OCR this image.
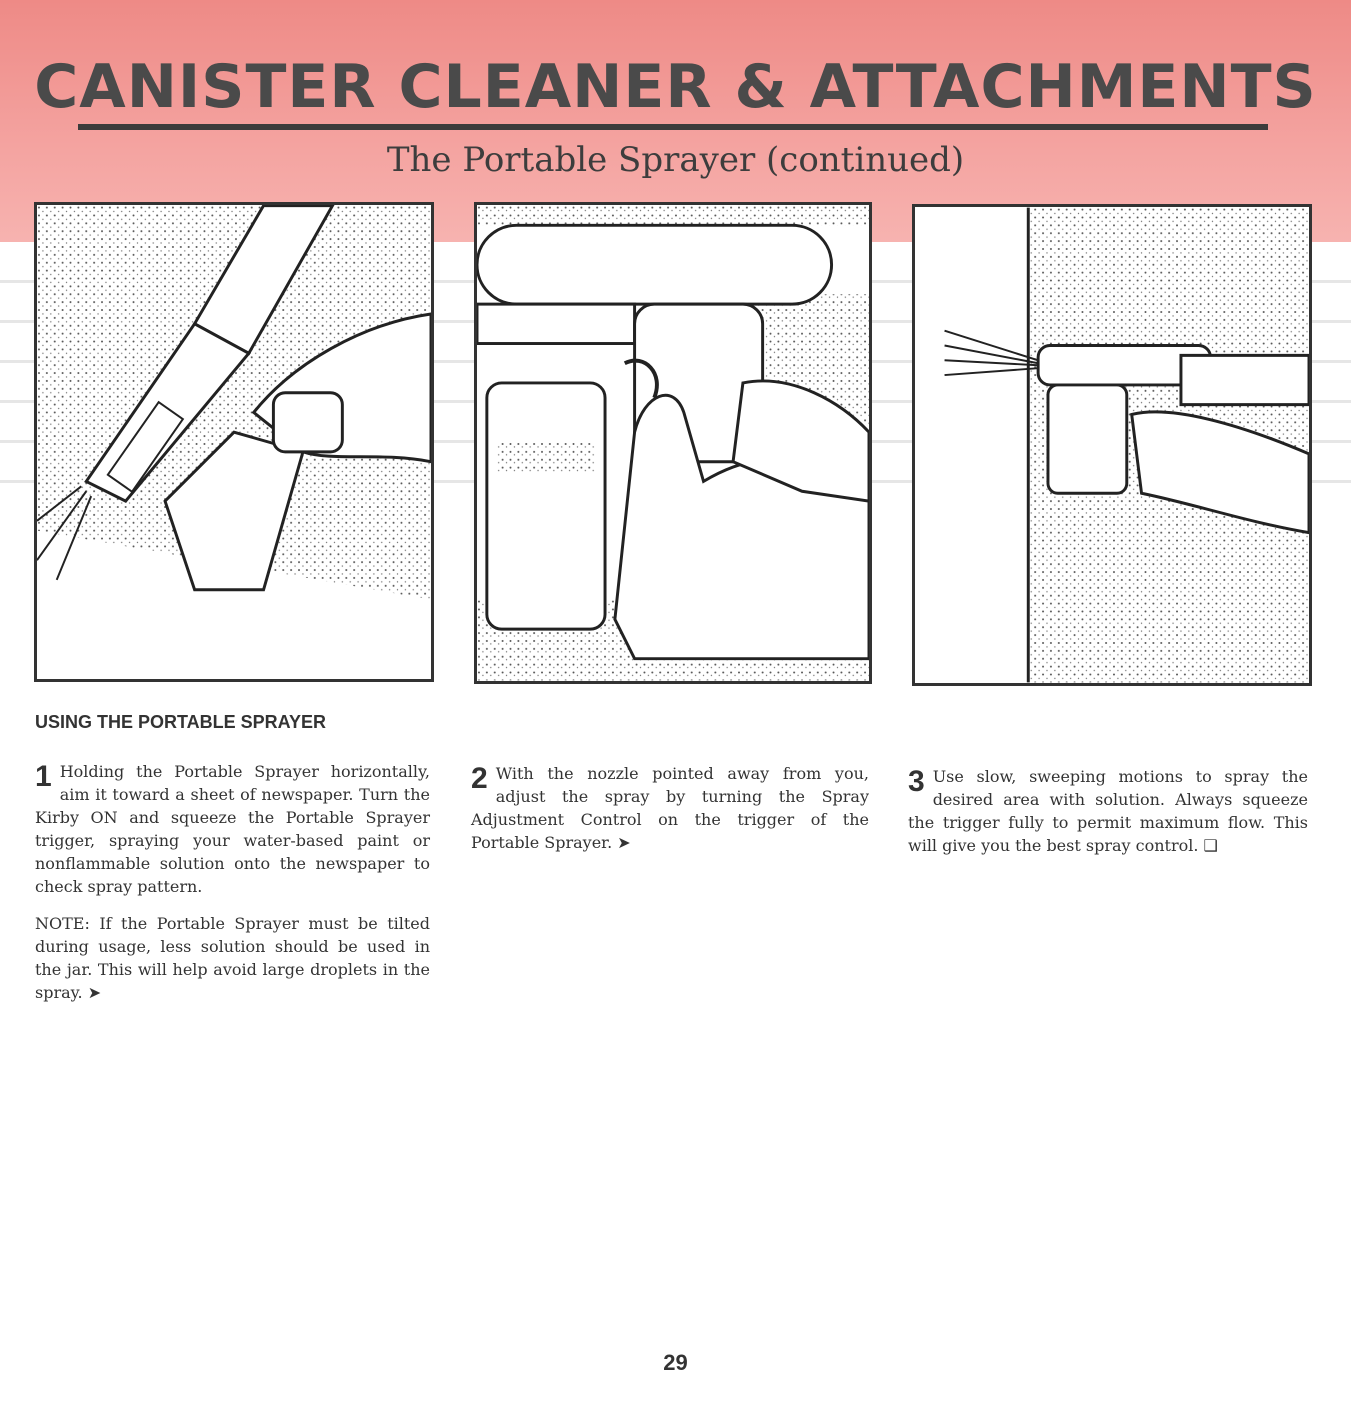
CANISTER CLEANER & ATTACHMENTS
The Portable Sprayer (continued)
USING THE PORTABLE SPRAYER

1 Holding the Portable Sprayer horizontally, aim it toward a sheet of newspaper. Turn the Kirby ON and squeeze the Portable Sprayer trigger, spraying your water-based paint or nonflammable solution onto the newspaper to check spray pattern.

NOTE: If the Portable Sprayer must be tilted during usage, less solution should be used in the jar. This will help avoid large droplets in the spray. ➤

2 With the nozzle pointed away from you, adjust the spray by turning the Spray Adjustment Control on the trigger of the Portable Sprayer. ➤

3 Use slow, sweeping motions to spray the desired area with solution. Always squeeze the trigger fully to permit maximum flow. This will give you the best spray control. ❑

29
